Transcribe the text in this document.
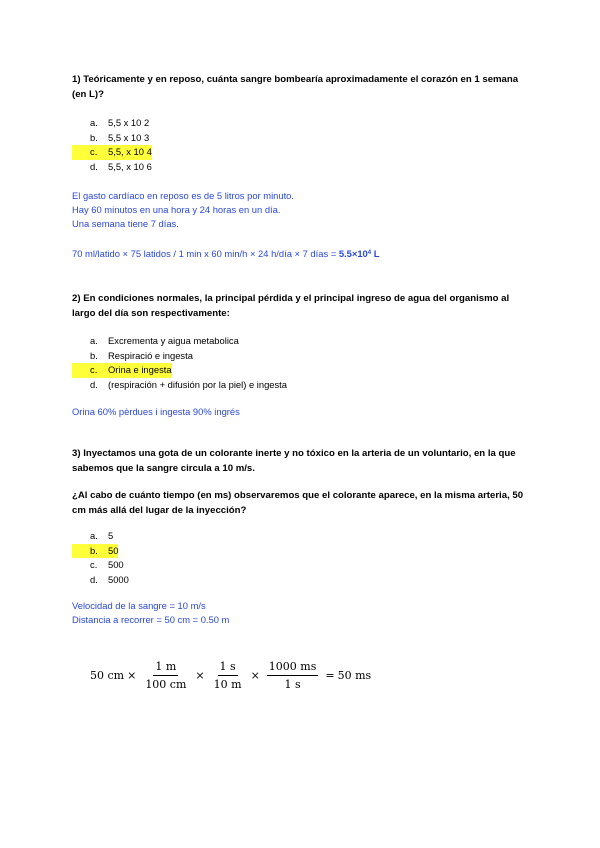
1) Teóricamente y en reposo, cuánta sangre bombearía aproximadamente el corazón en 1 semana (en L)?
a. 5,5 x 10 2
b. 5,5 x 10 3
c. 5,5, x 10 4
d. 5,5, x 10 6
El gasto cardíaco en reposo es de 5 litros por minuto.
Hay 60 minutos en una hora y 24 horas en un día.
Una semana tiene 7 días.
70 ml/latido × 75 latidos / 1 min x 60 min/h × 24 h/día × 7 días = $5.5\times 10^4$ L
2) En condiciones normales, la principal pérdida y el principal ingreso de agua del organismo al largo del día son respectivamente:
a. Excrementa y aigua metabolica
b. Respiració e ingesta
c. Orina e ingesta
d. (respiración + difusión por la piel) e ingesta
Orina 60% pèrdues i ingesta 90% ingrés
3) Inyectamos una gota de un colorante inerte y no tóxico en la arteria de un voluntario, en la que sabemos que la sangre circula a 10 m/s.
¿Al cabo de cuánto tiempo (en ms) observaremos que el colorante aparece, en la misma arteria, 50 cm más allá del lugar de la inyección?
a. 5
b. 50
c. 500
d. 5000
Velocidad de la sangre = 10 m/s
Distancia a recorrer = 50 cm = 0.50 m
50 cm × $\frac{1 m}{100 cm} \times \frac{1 s}{10 m} \times \frac{1000 ms}{1 s} = 50$ ms
